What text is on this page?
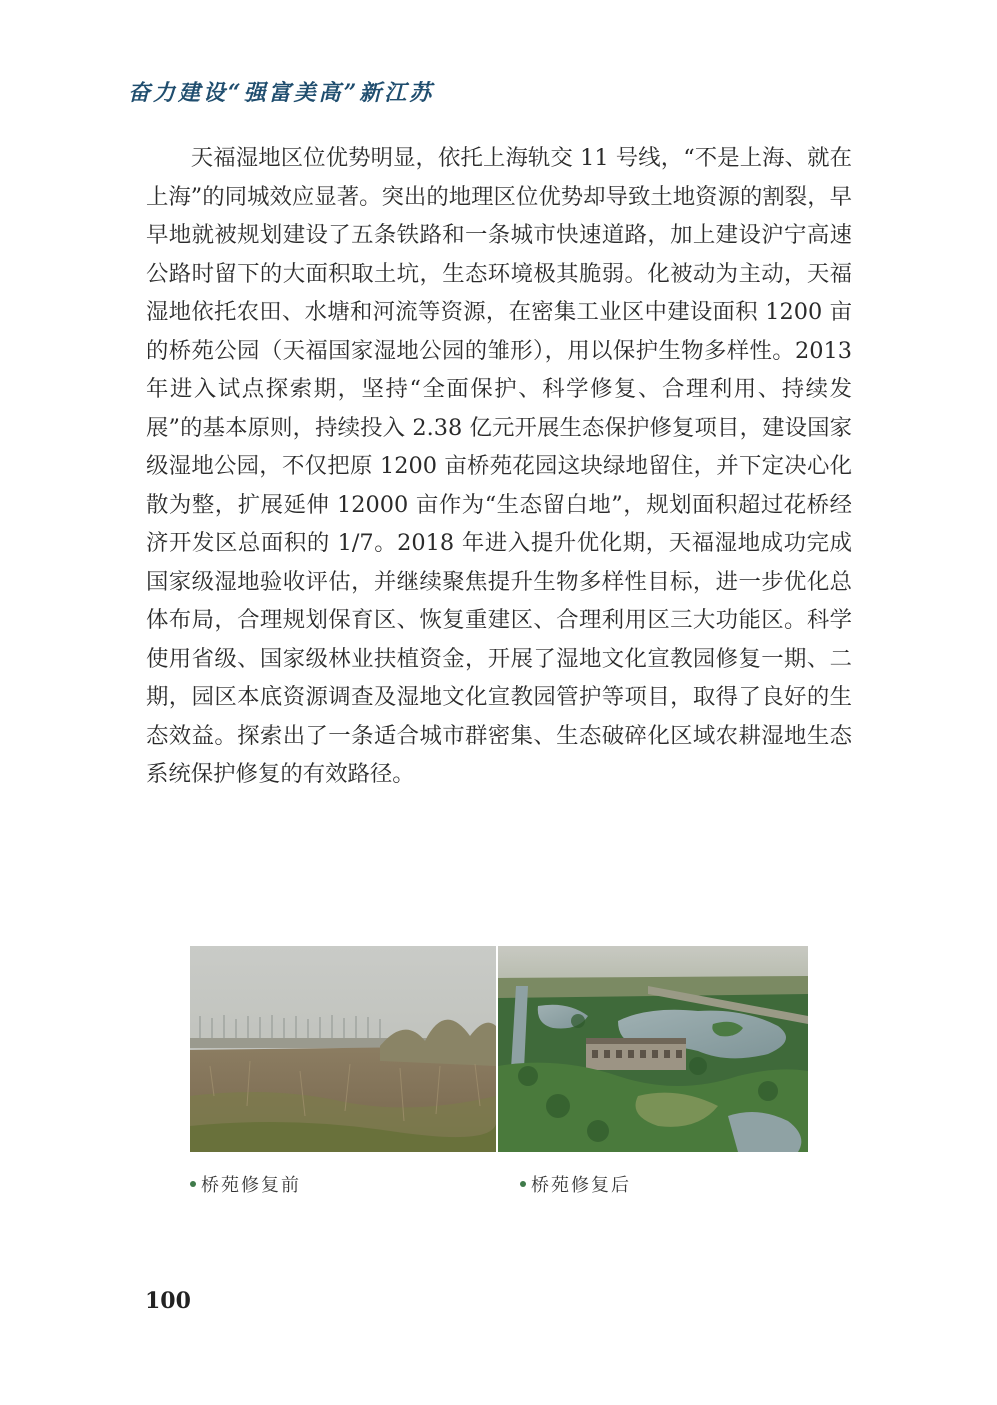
奋力建设“强富美高”新江苏

天福湿地区位优势明显，依托上海轨交 11 号线，“不是上海、就在上海”的同城效应显著。突出的地理区位优势却导致土地资源的割裂，早早地就被规划建设了五条铁路和一条城市快速道路，加上建设沪宁高速公路时留下的大面积取土坑，生态环境极其脆弱。化被动为主动，天福湿地依托农田、水塘和河流等资源，在密集工业区中建设面积 1200 亩的桥苑公园（天福国家湿地公园的雏形），用以保护生物多样性。2013 年进入试点探索期，坚持“全面保护、科学修复、合理利用、持续发展”的基本原则，持续投入 2.38 亿元开展生态保护修复项目，建设国家级湿地公园，不仅把原 1200 亩桥苑花园这块绿地留住，并下定决心化散为整，扩展延伸 12000 亩作为“生态留白地”，规划面积超过花桥经济开发区总面积的 1/7。2018 年进入提升优化期，天福湿地成功完成国家级湿地验收评估，并继续聚焦提升生物多样性目标，进一步优化总体布局，合理规划保育区、恢复重建区、合理利用区三大功能区。科学使用省级、国家级林业扶植资金，开展了湿地文化宣教园修复一期、二期，园区本底资源调查及湿地文化宣教园管护等项目，取得了良好的生态效益。探索出了一条适合城市群密集、生态破碎化区域农耕湿地生态系统保护修复的有效路径。

桥苑修复前	桥苑修复后
100
